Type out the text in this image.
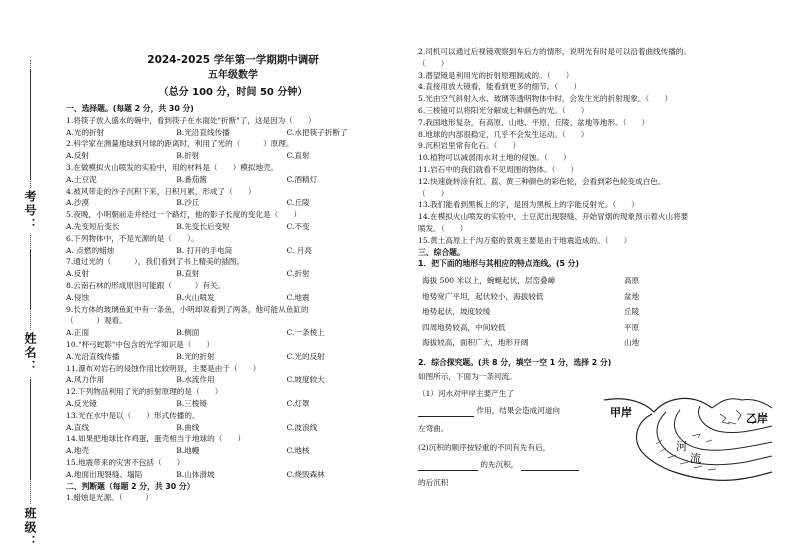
考号：
姓名：
班级：
2024-2025 学年第一学期期中调研
五年级数学
（总分 100 分，时间 50 分钟）
一、选择题。(每题 2 分，共 30 分)
1.将筷子放入盛水的碗中，看到筷子在水面处"折断"了，这是因为（　　）
A.光的折射	B.光沿直线传播	C.水把筷子折断了
2.科学家在测量地球到月球的距离时，利用了光的（　　　）原理。
A.反射	B.折射	C.直射
3.在做模拟火山喷发的实验中，用的材料是（　　）模拟地壳。
A.土豆泥	B.番茄酱	C.酒精灯
4.被风带走的沙子沉积下来，日积月累，形成了（　　）
A.沙漠	B.沙丘	C.丘陵
5.夜晚，小明朝前走并经过一个路灯，他的影子长度的变化是（　　）
A.先变短后变长	B.先变长后变短	C.不变
6.下列物体中，不是光源的是（　　）。
A. 点燃的蜡烛	B. 打开的手电筒	C. 月亮
7.通过光的（　　　），我们看到了书上精美的插图。
A.反射	B.直射	C.折射
8.云南石林的形成原因可能跟（　　　）有关。
A.侵蚀	B.火山喷发	C.地震
9.长方体的玻璃鱼缸中有一条鱼，小明却说看到了两条，他可能从鱼缸的
（　　　）观看。
A.正面	B.侧面	C.一条棱上
10."杯弓蛇影"中包含的光学知识是（　　）
A.光沿直线传播	B.光的折射	C.光的反射
11.瀑布对岩石的侵蚀作用比较明显，主要是由于（　　）
A.风力作用	B.水流作用	C.坡度较大
12.下列物品利用了光的折射原理的是（　　）
A.反光镜	B.三棱镜	C.灯罩
13.光在水中是以（　　）形式传播的。
A.直线	B.曲线	C.波浪线
14.如果把地球比作鸡蛋，蛋壳相当于地球的（　　）
A.地壳	B.地幔	C.地核
15.地震带来的灾害不包括（　　）
A.地面出现裂缝、塌陷	B.山体滑坡	C.烧毁森林
二、判断题（每题 2 分，共 30 分）
1.蜡烛是光源。（　　　）
2.司机可以通过后视镜观察到车后方的情形，说明光有时是可以沿着曲线传播的。
（　　）
3.潜望镜是利用光的折射原理制成的。（　　）
4.直接用放大镜看，能看到更多的细节。（　　）
5.光由空气斜射入水、玻璃等透明物体中时，会发生光的折射现象。（　　）
6.三棱镜可以将阳光分解成七种颜色的光。（　　）
7.我国地形复杂，有高原、山地、平原、丘陵、盆地等地形。（　　）
8.地球的内部很稳定，几乎不会发生运动。（　　）
9.沉积岩里常有化石。（　　）
10.植物可以减弱雨水对土地的侵蚀。（　　）
11.岩石中的我们就看不见周围的物体。（　　）
12.快速旋转涂有红、蓝、黄三种颜色的彩色轮，会看到彩色轮变成白色。
（　　）
13.我们能看到黑板上的字，是因为黑板上的字能反射光。（　　）
14.在模拟火山喷发的实验中，土豆泥出现裂缝、开始冒烟的现象预示着火山将要
喷发。（　　）
15.黄土高原上千沟万壑的景观主要是由于地震造成的。（　　）
三、综合题。
1．把下面的地形与其相应的特点连线。(5 分)
海拔 500 米以上，蜿蜒起伏，层峦叠嶂	高原
地势宽广平坦，起伏较小，海拔较低	盆地
地势起伏，坡度较缓	丘陵
四周地势较高，中间较低	平原
海拔较高，面积广大，地形开阔	山地
2．综合探究题。(共 8 分，填空一空 1 分，选择 2 分)
如图所示，下面为一条河流。
（1）河水对甲岸主要产生了
作用，结果会造成河道向
左弯曲。
(2)沉积的顺序按轻重的不同有先有后，
的先沉积，
的后沉积
甲岸	乙岸
河
流
